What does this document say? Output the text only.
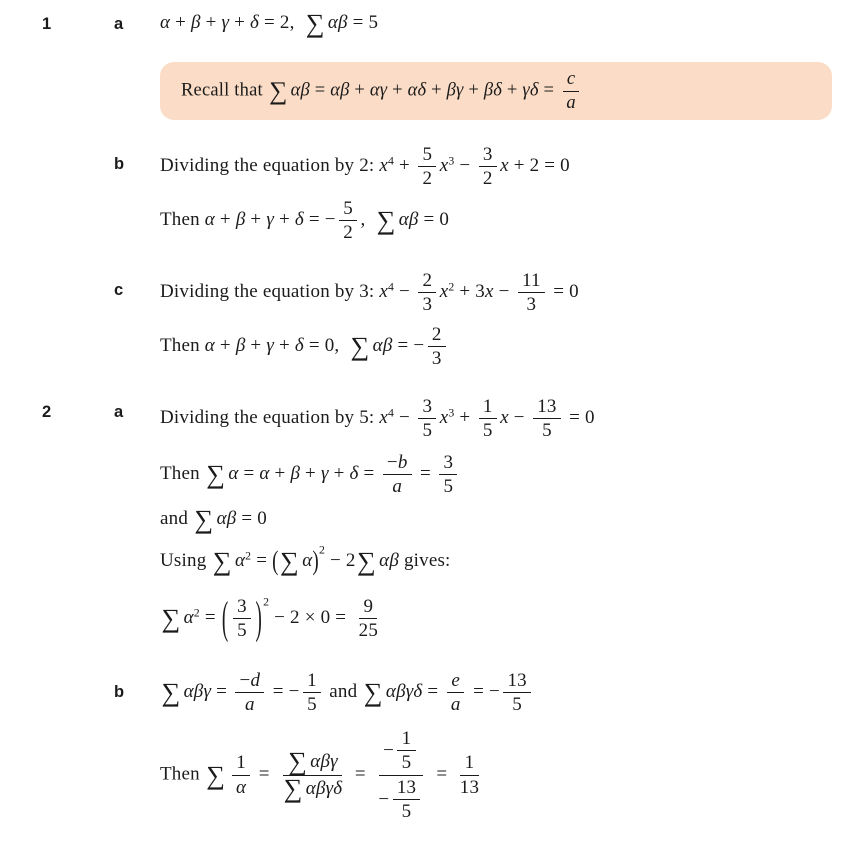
1	a α + β + γ + δ = 2, ∑ αβ = 5
Recall that ∑ $\alpha\beta = \alpha\beta + \alpha\gamma + \alpha\delta + \beta\gamma + \beta\delta + \gamma\delta = \frac{c}{a}$
b Dividing the equation by 2: $x^4 + \frac{5}{2} x^3 - \frac{3}{2}$ x + 2 = 0
Then α + β + γ + δ = − $\frac{5}{2}$ , ∑ αβ = 0
c Dividing the equation by 3: $x^4 - \frac{2}{3} x^2 + 3x - \frac{11}{3} = 0$
Then α + β + γ + δ = 0, ∑ αβ = − $\frac{2}{3}$
2	a Dividing the equation by 5: $x^4 - \frac{3}{5} x^3 + \frac{1}{5}$ $x - \frac{13}{5} = 0$
Then ∑ $\alpha = \alpha + \beta + \gamma + \delta = \frac{- b}{a} = \frac{3}{5}$
and ∑ αβ = 0
Using ∑ $\alpha^2$ = (∑ α)$^2$ − 2∑ αβ gives:
∑ $\alpha^2$ = ( $\frac{3}{5} )^2 - 2 \times 0 = \frac{9}{25}$
b ∑ $\alpha\beta\gamma = \frac{- d}{a}$ = − $\frac{1}{5}$ and ∑ $\alpha\beta\gamma\delta = \frac{e}{a}$ = − $\frac{13}{5}$
Then ∑ $\frac{1}{\alpha}$ = ∑ αβγ
∑ αβγδ
= −
1
5
−
13
$5 = \frac{1}{13}$
